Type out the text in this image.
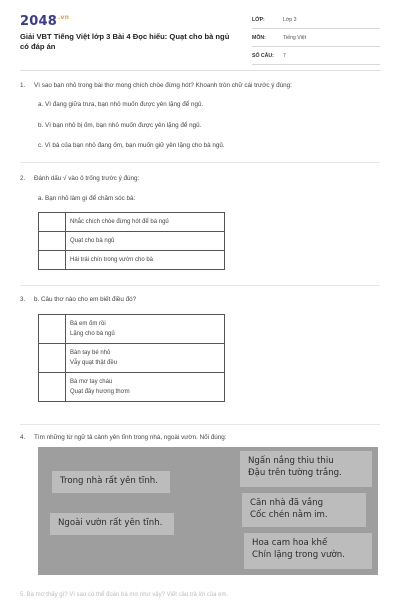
$2048^{.vn}$
Giải VBT Tiếng Việt lớp 3 Bài 4 Đọc hiểu: Quạt cho bà ngủ có đáp án
LỚP:	Lớp 3
MÔN:	Tiếng Việt
SỐ CÂU: 7
1. Vì sao bạn nhỏ trong bài thơ mong chích chòe đừng hót? Khoanh tròn chữ cái trước ý đúng:
a. Vì đang giữa trưa, bạn nhỏ muốn được yên lặng để ngủ.
b. Vì bạn nhỏ bị ốm, bạn nhỏ muốn được yên lặng để ngủ.
c. Vì bà của bạn nhỏ đang ốm, bạn muốn giữ yên lặng cho bà ngủ.
2. Đánh dấu √ vào ô trống trước ý đúng:
a. Bạn nhỏ làm gì để chăm sóc bà:
	Nhắc chích chòe đừng hót để bà ngủ
	Quạt cho bà ngủ
	Hái trái chín trong vườn cho bà
3. b. Câu thơ nào cho em biết điều đó?

	Bà em ốm rồi
Lặng cho bà ngủ

	Bàn tay bé nhỏ
Vẫy quạt thật đều

	Bà mơ tay cháu
Quạt đầy hương thơm
4. Tìm những từ ngữ tả cảnh yên tĩnh trong nhà, ngoài vườn. Nối đúng:
Trong nhà rất yên tĩnh.
Ngoài vườn rất yên tĩnh.
Ngấn nắng thiu thiu
Đậu trên tường trắng.
Căn nhà đã vắng
Cốc chén nằm im.
Hoa cam hoa khế
Chín lặng trong vườn.
5. Bà mơ thấy gì? Vì sao có thể đoán bà mơ như vậy? Viết câu trả lời của em.
